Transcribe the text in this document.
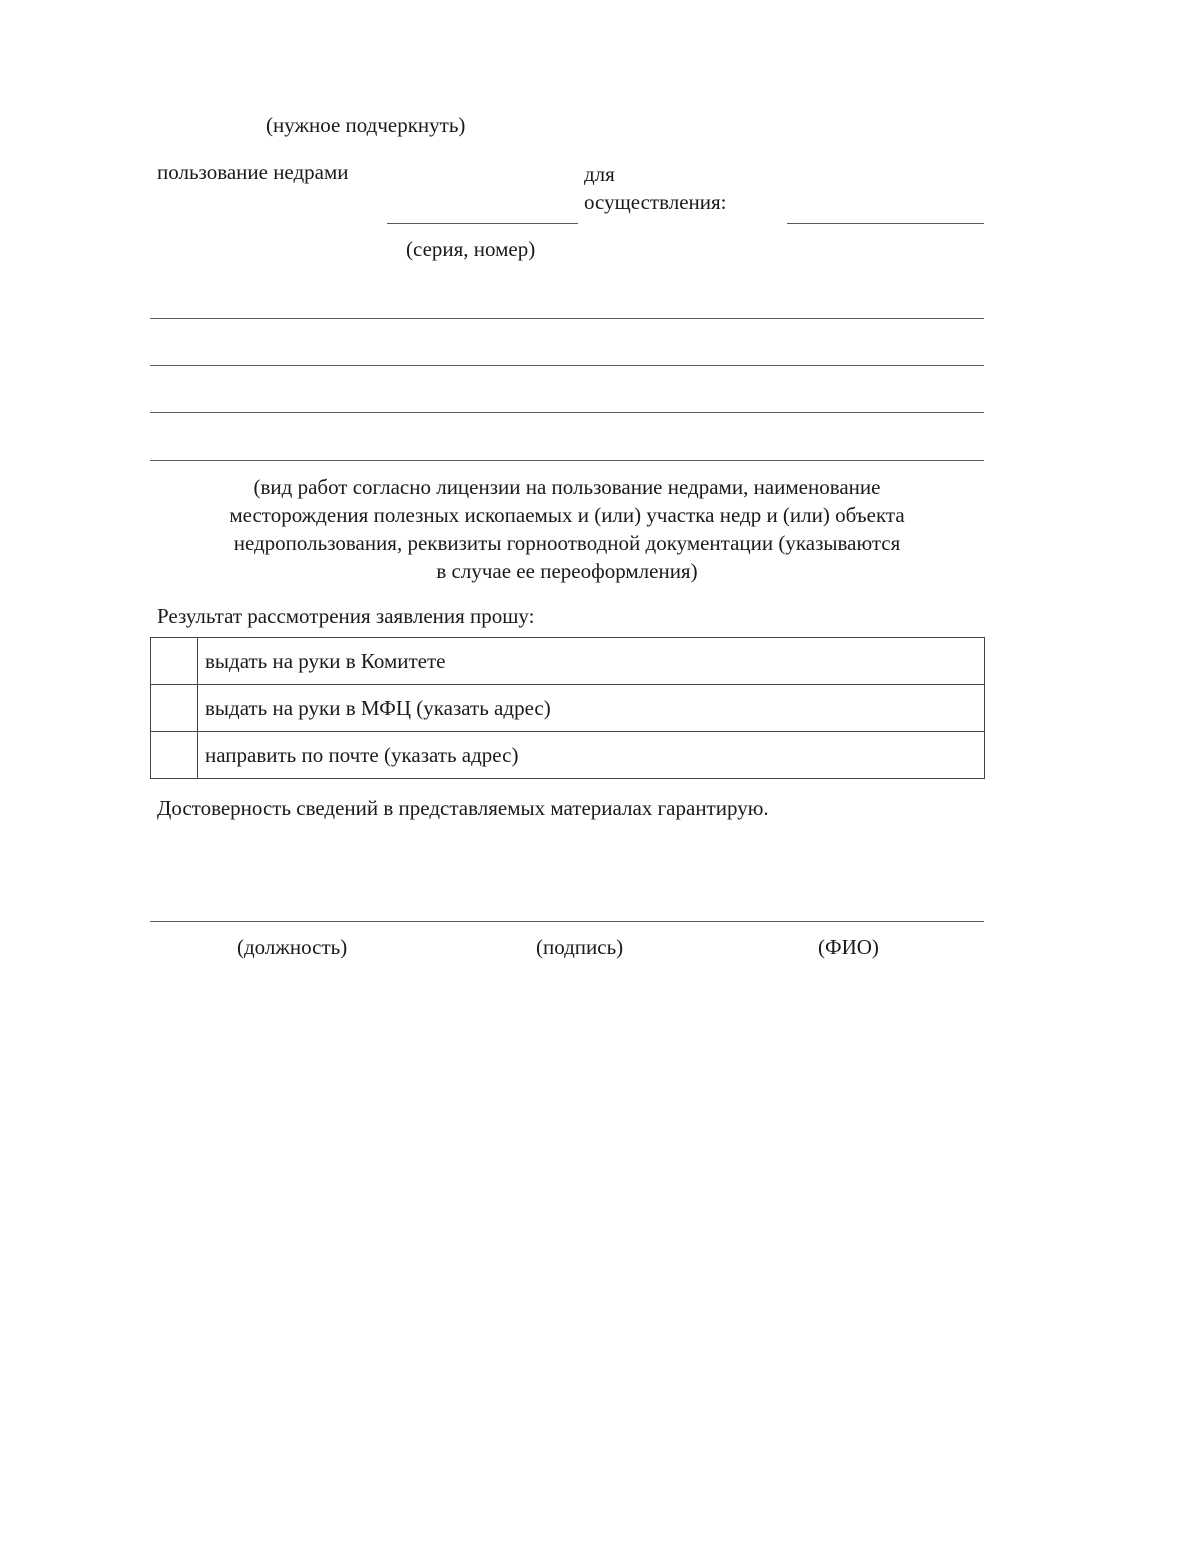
(нужное подчеркнуть)
пользование недрами	для
осуществления:
(серия, номер)
(вид работ согласно лицензии на пользование недрами, наименование
месторождения полезных ископаемых и (или) участка недр и (или) объекта
недропользования, реквизиты горноотводной документации (указываются
в случае ее переоформления)
Результат рассмотрения заявления прошу:
	выдать на руки в Комитете

	выдать на руки в МФЦ (указать адрес)

	направить по почте (указать адрес)
Достоверность сведений в представляемых материалах гарантирую.
(должность)	(подпись)	(ФИО)
